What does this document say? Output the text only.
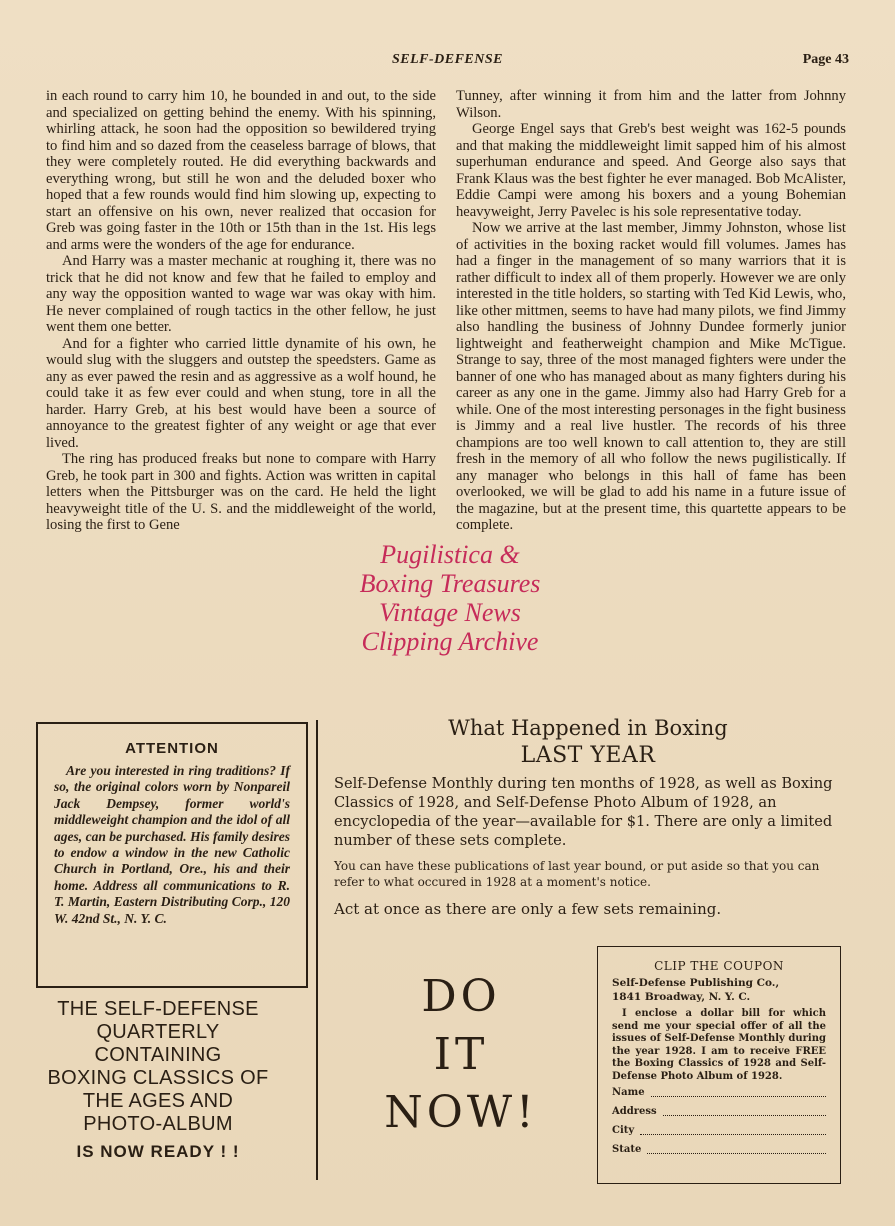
SELF-DEFENSE	Page 43

in each round to carry him 10, he bounded in and out, to the side and specialized on getting behind the enemy. With his spinning, whirling attack, he soon had the opposition so bewildered trying to find him and so dazed from the ceaseless barrage of blows, that they were completely routed. He did everything backwards and everything wrong, but still he won and the deluded boxer who hoped that a few rounds would find him slowing up, expecting to start an offensive on his own, never realized that occasion for Greb was going faster in the 10th or 15th than in the 1st. His legs and arms were the wonders of the age for endurance.

And Harry was a master mechanic at roughing it, there was no trick that he did not know and few that he failed to employ and any way the opposition wanted to wage war was okay with him. He never complained of rough tactics in the other fellow, he just went them one better.

And for a fighter who carried little dynamite of his own, he would slug with the sluggers and outstep the speedsters. Game as any as ever pawed the resin and as aggressive as a wolf hound, he could take it as few ever could and when stung, tore in all the harder. Harry Greb, at his best would have been a source of annoyance to the greatest fighter of any weight or age that ever lived.

The ring has produced freaks but none to compare with Harry Greb, he took part in 300 and fights. Action was written in capital letters when the Pittsburger was on the card. He held the light heavyweight title of the U. S. and the middleweight of the world, losing the first to Gene

Tunney, after winning it from him and the latter from Johnny Wilson.

George Engel says that Greb's best weight was 162-5 pounds and that making the middleweight limit sapped him of his almost superhuman endurance and speed. And George also says that Frank Klaus was the best fighter he ever managed. Bob McAlister, Eddie Campi were among his boxers and a young Bohemian heavyweight, Jerry Pavelec is his sole representative today.

Now we arrive at the last member, Jimmy Johnston, whose list of activities in the boxing racket would fill volumes. James has had a finger in the management of so many warriors that it is rather difficult to index all of them properly. However we are only interested in the title holders, so starting with Ted Kid Lewis, who, like other mittmen, seems to have had many pilots, we find Jimmy also handling the business of Johnny Dundee formerly junior lightweight and featherweight champion and Mike McTigue. Strange to say, three of the most managed fighters were under the banner of one who has managed about as many fighters during his career as any one in the game. Jimmy also had Harry Greb for a while. One of the most interesting personages in the fight business is Jimmy and a real live hustler. The records of his three champions are too well known to call attention to, they are still fresh in the memory of all who follow the news pugilistically. If any manager who belongs in this hall of fame has been overlooked, we will be glad to add his name in a future issue of the magazine, but at the present time, this quartette appears to be complete.

Pugilistica &
Boxing Treasures
Vintage News
Clipping Archive
ATTENTION

Are you interested in ring traditions? If so, the original colors worn by Nonpareil Jack Dempsey, former world's middleweight champion and the idol of all ages, can be purchased. His family desires to endow a window in the new Catholic Church in Portland, Ore., his and their home. Address all communications to R. T. Martin, Eastern Distributing Corp., 120 W. 42nd St., N. Y. C.

THE SELF-DEFENSE
QUARTERLY
CONTAINING
BOXING CLASSICS OF
THE AGES AND
PHOTO-ALBUM
IS NOW READY ! !
What Happened in Boxing
LAST YEAR

Self-Defense Monthly during ten months of 1928, as well as Boxing Classics of 1928, and Self-Defense Photo Album of 1928, an encyclopedia of the year—available for $1. There are only a limited number of these sets complete.

You can have these publications of last year bound, or put aside so that you can refer to what occured in 1928 at a moment's notice.

Act at once as there are only a few sets remaining.

DO
IT
NOW!
CLIP THE COUPON
Self-Defense Publishing Co.,
1841 Broadway, N. Y. C.
I enclose a dollar bill for which send me your special offer of all the issues of Self-Defense Monthly during the year 1928. I am to receive FREE the Boxing Classics of 1928 and Self-Defense Photo Album of 1928.
Name
Address
City
State
